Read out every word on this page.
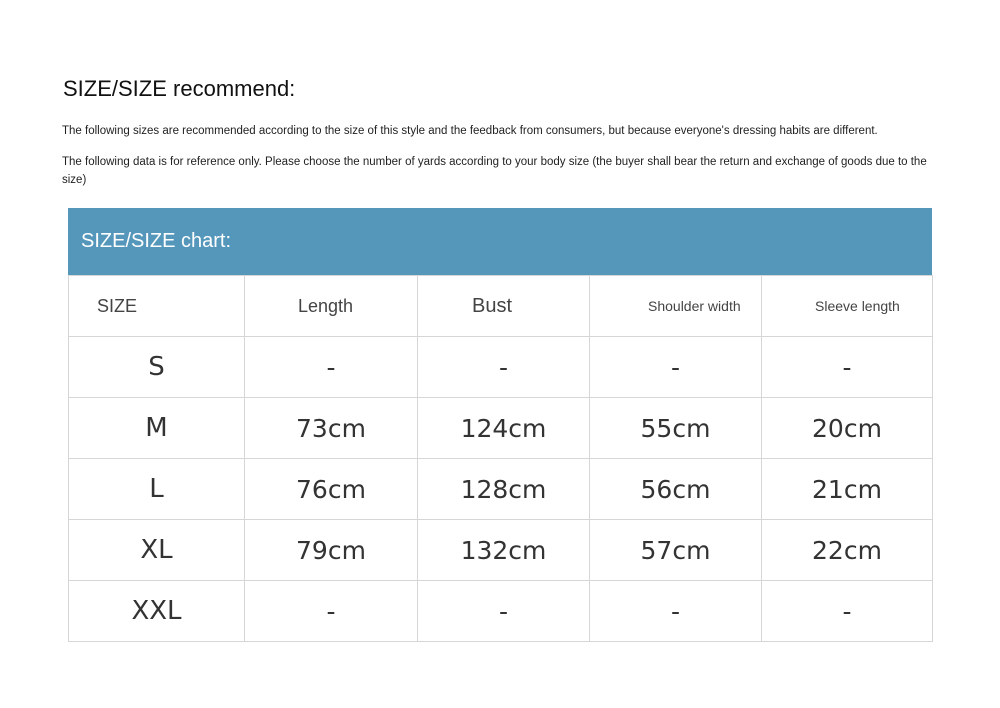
SIZE/SIZE recommend:
The following sizes are recommended according to the size of this style and the feedback from consumers, but because everyone's dressing habits are different.
The following data is for reference only. Please choose the number of yards according to your body size (the buyer shall bear the return and exchange of goods due to the size)
SIZE/SIZE chart:
SIZE	Length	Bust	Shoulder width	Sleeve length
S	-	-	-	-
M	73cm	124cm	55cm	20cm
L	76cm	128cm	56cm	21cm
XL	79cm	132cm	57cm	22cm
XXL	-	-	-	-
